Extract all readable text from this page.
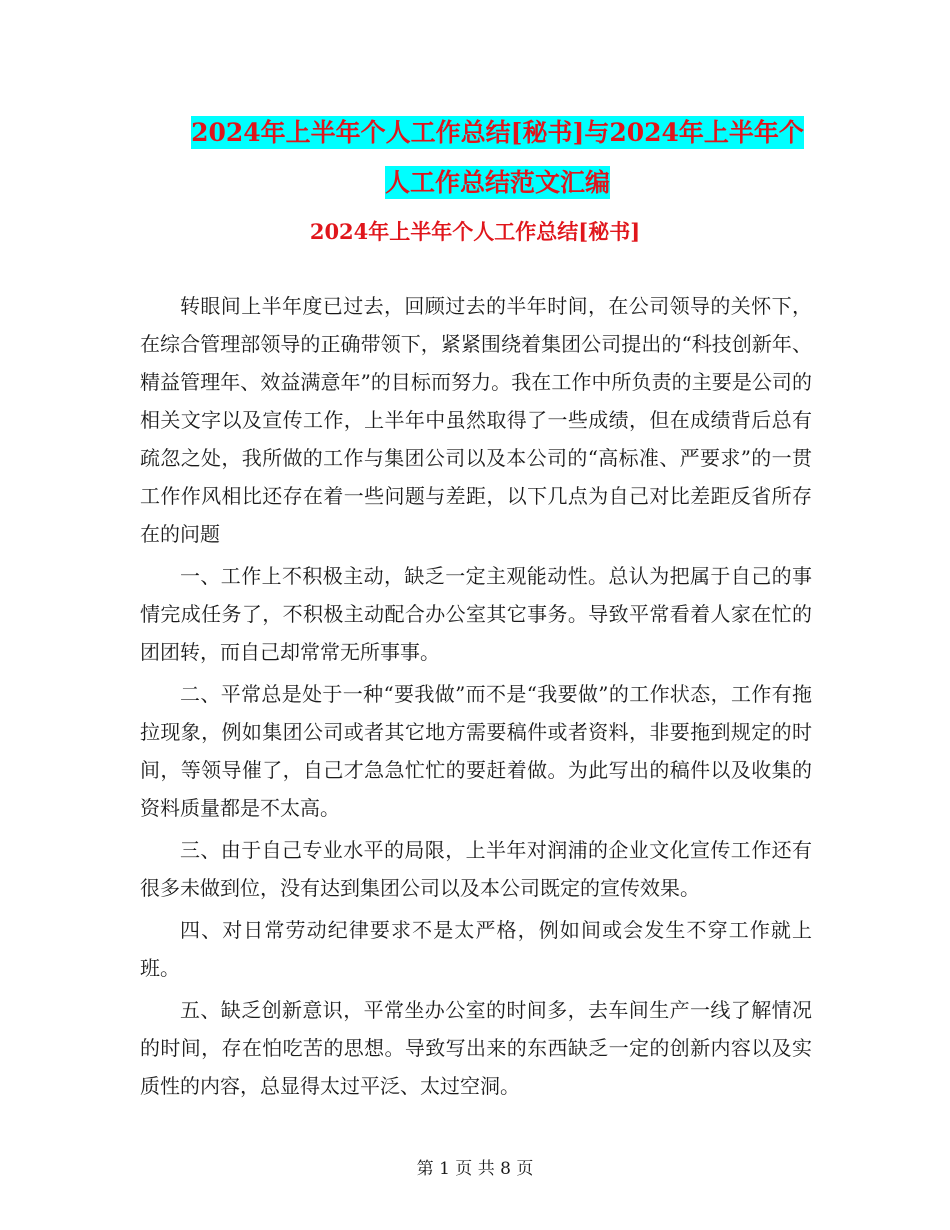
2024年上半年个人工作总结[秘书]与2024年上半年个
人工作总结范文汇编
2024年上半年个人工作总结[秘书]

转眼间上半年度已过去，回顾过去的半年时间，在公司领导的关怀下，在综合管理部领导的正确带领下，紧紧围绕着集团公司提出的“科技创新年、精益管理年、效益满意年”的目标而努力。我在工作中所负责的主要是公司的相关文字以及宣传工作，上半年中虽然取得了一些成绩，但在成绩背后总有疏忽之处，我所做的工作与集团公司以及本公司的“高标准、严要求”的一贯工作作风相比还存在着一些问题与差距，以下几点为自己对比差距反省所存在的问题

一、工作上不积极主动，缺乏一定主观能动性。总认为把属于自己的事情完成任务了，不积极主动配合办公室其它事务。导致平常看着人家在忙的团团转，而自己却常常无所事事。

二、平常总是处于一种“要我做”而不是“我要做”的工作状态，工作有拖拉现象，例如集团公司或者其它地方需要稿件或者资料，非要拖到规定的时间，等领导催了，自己才急急忙忙的要赶着做。为此写出的稿件以及收集的资料质量都是不太高。

三、由于自己专业水平的局限，上半年对润浦的企业文化宣传工作还有很多未做到位，没有达到集团公司以及本公司既定的宣传效果。

四、对日常劳动纪律要求不是太严格，例如间或会发生不穿工作就上班。

五、缺乏创新意识，平常坐办公室的时间多，去车间生产一线了解情况的时间，存在怕吃苦的思想。导致写出来的东西缺乏一定的创新内容以及实质性的内容，总显得太过平泛、太过空洞。

第 1 页 共 8 页
